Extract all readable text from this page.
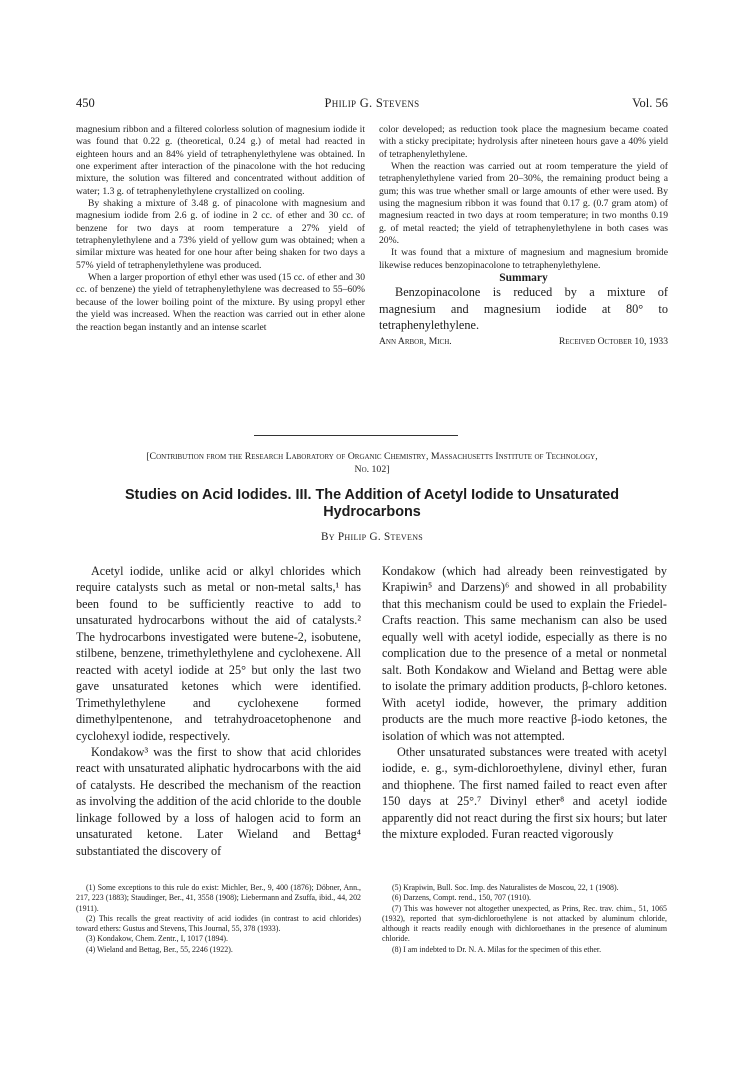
450	Philip G. Stevens	Vol. 56

magnesium ribbon and a filtered colorless solution of magnesium iodide it was found that 0.22 g. (theoretical, 0.24 g.) of metal had reacted in eighteen hours and an 84% yield of tetraphenylethylene was obtained. In one experiment after interaction of the pinacolone with the hot reducing mixture, the solution was filtered and concentrated without addition of water; 1.3 g. of tetraphenylethylene crystallized on cooling.

By shaking a mixture of 3.48 g. of pinacolone with magnesium and magnesium iodide from 2.6 g. of iodine in 2 cc. of ether and 30 cc. of benzene for two days at room temperature a 27% yield of tetraphenylethylene and a 73% yield of yellow gum was obtained; when a similar mixture was heated for one hour after being shaken for two days a 57% yield of tetraphenylethylene was produced.

When a larger proportion of ethyl ether was used (15 cc. of ether and 30 cc. of benzene) the yield of tetraphenylethylene was decreased to 55–60% because of the lower boiling point of the mixture. By using propyl ether the yield was increased. When the reaction was carried out in ether alone the reaction began instantly and an intense scarlet

color developed; as reduction took place the magnesium became coated with a sticky precipitate; hydrolysis after nineteen hours gave a 40% yield of tetraphenylethylene.

When the reaction was carried out at room temperature the yield of tetraphenylethylene varied from 20–30%, the remaining product being a gum; this was true whether small or large amounts of ether were used. By using the magnesium ribbon it was found that 0.17 g. (0.7 gram atom) of magnesium reacted in two days at room temperature; in two months 0.19 g. of metal reacted; the yield of tetraphenylethylene in both cases was 20%.

It was found that a mixture of magnesium and magnesium bromide likewise reduces benzopinacolone to tetraphenylethylene.

Summary

Benzopinacolone is reduced by a mixture of magnesium and magnesium iodide at 80° to tetraphenylethylene.

Ann Arbor, Mich.	Received October 10, 1933
[Contribution from the Research Laboratory of Organic Chemistry, Massachusetts Institute of Technology,
No. 102]
Studies on Acid Iodides. III. The Addition of Acetyl Iodide to Unsaturated Hydrocarbons
By Philip G. Stevens

Acetyl iodide, unlike acid or alkyl chlorides which require catalysts such as metal or non-metal salts,¹ has been found to be sufficiently reactive to add to unsaturated hydrocarbons without the aid of catalysts.² The hydrocarbons investigated were butene-2, isobutene, stilbene, benzene, trimethylethylene and cyclohexene. All reacted with acetyl iodide at 25° but only the last two gave unsaturated ketones which were identified. Trimethylethylene and cyclohexene formed dimethylpentenone, and tetrahydroacetophenone and cyclohexyl iodide, respectively.

Kondakow³ was the first to show that acid chlorides react with unsaturated aliphatic hydrocarbons with the aid of catalysts. He described the mechanism of the reaction as involving the addition of the acid chloride to the double linkage followed by a loss of halogen acid to form an unsaturated ketone. Later Wieland and Bettag⁴ substantiated the discovery of

Kondakow (which had already been reinvestigated by Krapiwin⁵ and Darzens)⁶ and showed in all probability that this mechanism could be used to explain the Friedel-Crafts reaction. This same mechanism can also be used equally well with acetyl iodide, especially as there is no complication due to the presence of a metal or nonmetal salt. Both Kondakow and Wieland and Bettag were able to isolate the primary addition products, β-chloro ketones. With acetyl iodide, however, the primary addition products are the much more reactive β-iodo ketones, the isolation of which was not attempted.

Other unsaturated substances were treated with acetyl iodide, e. g., sym-dichloroethylene, divinyl ether, furan and thiophene. The first named failed to react even after 150 days at 25°.⁷ Divinyl ether⁸ and acetyl iodide apparently did not react during the first six hours; but later the mixture exploded. Furan reacted vigorously

(1) Some exceptions to this rule do exist: Michler, Ber., 9, 400 (1876); Döbner, Ann., 217, 223 (1883); Staudinger, Ber., 41, 3558 (1908); Liebermann and Zsuffa, ibid., 44, 202 (1911).

(2) This recalls the great reactivity of acid iodides (in contrast to acid chlorides) toward ethers: Gustus and Stevens, This Journal, 55, 378 (1933).

(3) Kondakow, Chem. Zentr., I, 1017 (1894).

(4) Wieland and Bettag, Ber., 55, 2246 (1922).

(5) Krapiwin, Bull. Soc. Imp. des Naturalistes de Moscou, 22, 1 (1908).

(6) Darzens, Compt. rend., 150, 707 (1910).

(7) This was however not altogether unexpected, as Prins, Rec. trav. chim., 51, 1065 (1932), reported that sym-dichloroethylene is not attacked by aluminum chloride, although it reacts readily enough with dichloroethanes in the presence of aluminum chloride.

(8) I am indebted to Dr. N. A. Milas for the specimen of this ether.
